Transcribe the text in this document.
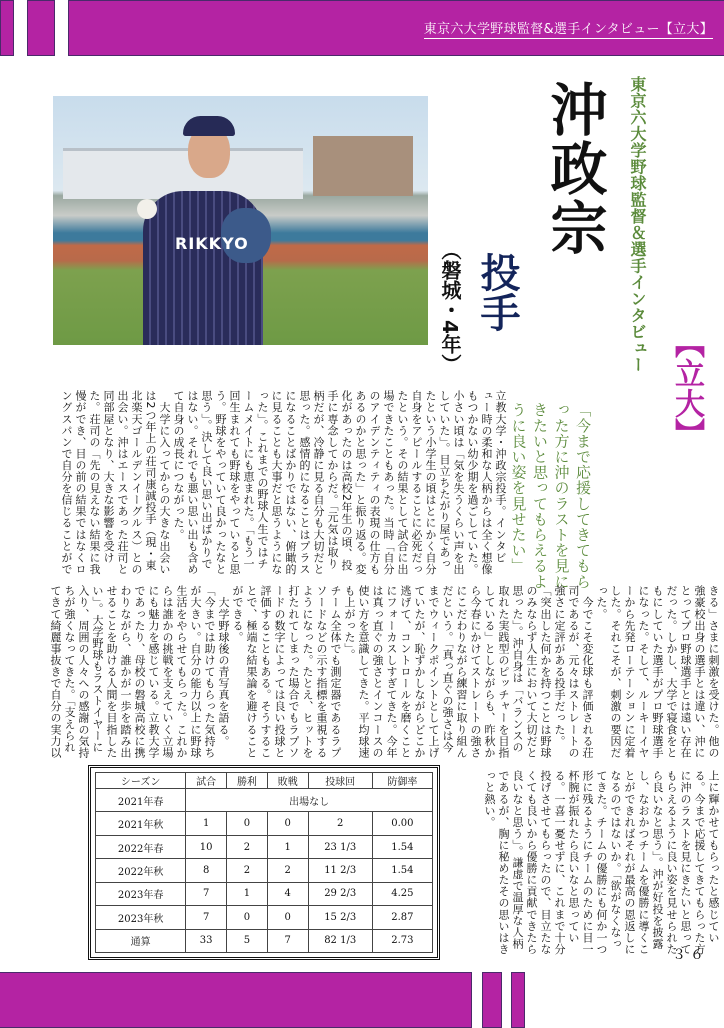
東京六大学野球監督&選手インタビュー【立大】
RIKKYO	東京六大学野球監督＆選手インタビュー
【立大】
沖政宗
投手
（磐城・4年）
「今まで応援してきてもら
った方に沖のラストを見に
きたいと思ってもらえるよ
うに良い姿を見せたい」
立教大学・沖政宗投手。インタビ
ュー時の柔和な人柄からは全く想像
もつかない幼少期を過ごしていた。
小さい頃は「気を失うくらい声を出
していた」。目立ちたがり屋であっ
たという小学生の頃はとにかく自分
自身をアピールすることに必死だっ
たという。その結果として試合に出
場できたこともあった。当時「自分
のアイデンティティの表現の仕方も
あるのかと思った」と振り返る。変
化があったのは高校2年生の頃、投
手に専念してからだ。「元気は取り
柄だが、冷静に見る自分も大切だと
思った。感情的になることはプラス
になることばかりではない、俯瞰的
に見ることも大事だと思うようにな
った」。これまでの野球人生ではチ
ームメイトにも恵まれた。「もう一
回生まれても野球をやっていると思
う。野球をやっていて良かったなと
思う」。決して良い思い出ばかりで
はない。それでも悪い思い出も含め
て自身の成長につながった。
　大学に入ってからの大きな出会い
は2つ年上の荘司康誠投手（現・東
北楽天ゴールデンイーグルス）との
出会い。沖はエースであった荘司と
同部屋となり、大きな影響を受け
た。荘司の「先の見えない結果に我
慢ができ、目の前の結果ではなくロ
ングスパンで自分を信じることがで
きる」さまに刺激を受けた。他の
強豪校出身の選手とは違い、沖に
とってプロ野球選手とは遠い存在
だった。しかし、大学で寝食をと
もにしていた選手がプロ野球選手
になった。そして、ルーキーイヤ
ーから先発ローテーションに定着
した。それこそが、刺激の要因だ
った。
　今でこそ変化球も評価される荘
司であるが、元々はストレートの
強さに定評がある投手だった。
「突出した何かを持つことは野球
のみならず人生において大切だと
思った」。沖自身は「バランスの
取れた実践型のピッチャーを目指
している」としながらも、昨秋か
ら今春にかけてストレートの強さ
にこだわりながら練習に取り組ん
だという。「真っ直ぐの強さは今
までウィークポイントとして上げ
ていたが、恥ずかしながらどこか
逃げて、コントロールを磨くこと
にフォーカスしすぎてきた。今年
は真っ直ぐの強さとインコースの
使い方を意識してきた。平均球速
も上がった」。
チーム全体でも測定器であるラプ
ソードなどの示す指標を重視する
ようになった。たとえ、ヒットを
打たれてしまった場合でもラプソ
ードの数字によっては良い投球と
評価することもある。そうするこ
とで、極端な結果論を避けること
ができる。
　大学野球後の青写真を語る。
「今までは助けてもらった気持ち
が大きい。自分の能力以上に野球
生活をやらせてもらった。これか
らは誰かの挑戦を支えていく立場
にも魅力を感じている。立教大学
であったり、母校の磐城高校に携
わりながら、誰かが一歩を踏み出
せることを助ける人間を目指した
い」。大学野球もラストイヤーに
入り、周囲の人々への感謝の気持
ちが強くなってきた。「支えられ
てきて綺麗事抜きで自分の実力以
上に輝かせてもらったと感じてい
る。今まで応援してきてもらった方
に沖のラストを見にきたいと思って
もらえるように良い姿を見せられた
ら良いなと思う」。沖が好投を披露
し、なおかつチームを優勝に導くこ
とができればそれが最高の恩返しに
なるのではないか。「欲がなくなっ
てきた。チームの優勝にも何か一つ
形に残るようにチームのために目一
杯腕が振れたら良いなと思ってい
る。一喜一憂せずに、これまで十分
投げさせてもらったので、目立たな
くても良いから優勝に貢献できたら
良いなと思う」。謙虚で温厚な人柄
であるが、胸に秘めたその思いはき
っと熱い。
シーズン	試合	勝利	敗戦	投球回	防御率
2021年春	出場なし				
2021年秋	1	0	0	2	0.00
2022年春	10	2	1	23 1/3	1.54
2022年秋	8	2	2	11 2/3	1.54
2023年春	7	1	4	29 2/3	4.25
2023年秋	7	0	0	15 2/3	2.87
通算	33	5	7	82 1/3	2.73
３６
